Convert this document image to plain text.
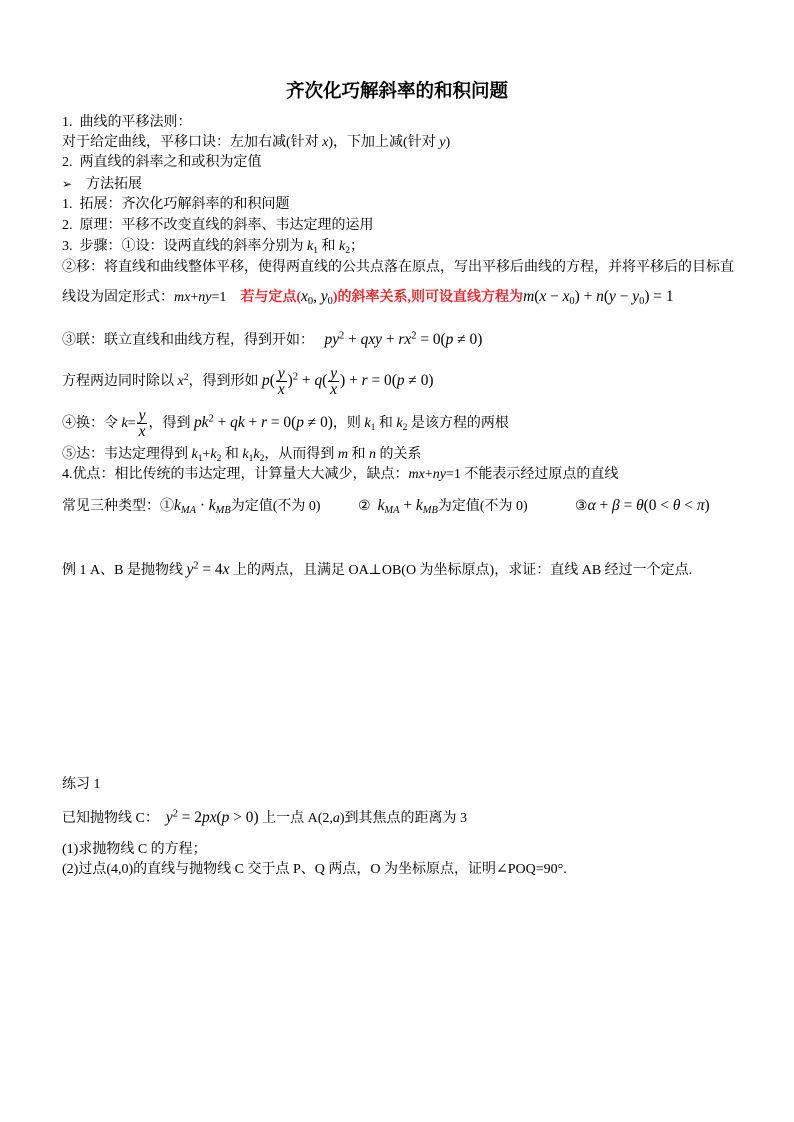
齐次化巧解斜率的和积问题
1.  曲线的平移法则：
对于给定曲线，平移口诀：左加右减(针对 x)，下加上减(针对 y)
2.  两直线的斜率之和或积为定值
➢    方法拓展
1.  拓展：齐次化巧解斜率的和积问题
2.  原理：平移不改变直线的斜率、韦达定理的运用
3.  步骤：①设：设两直线的斜率分别为 $k_1$ 和 $k_2$；
②移：将直线和曲线整体平移，使得两直线的公共点落在原点，写出平移后曲线的方程，并将平移后的目标直
线设为固定形式：mx+ny=1    若与定点($x_0$, $y_0$)的斜率关系,则可设直线方程为$m(x - x_0) + n(y - y_0) = 1$
③联：联立直线和曲线方程，得到开如：   $py^2$ + qxy + $rx^2 = 0(p \ne 0)$
方程两边同时除以 $x^2$，得到形如 $p( \frac{y}{x} )^2 + q( \frac{y}{x}$ ) + r = 0(p ≠ 0)
④换：令 $k= \frac{y}{x}$ ，得到 $pk^2$ + qk + r = 0(p ≠ 0)，则 $k_1$ 和 $k_2$ 是该方程的两根
⑤达：韦达定理得到 $k_1+k_2$ 和 $k_1k_2$，从而得到 m 和 n 的关系
4.优点：相比传统的韦达定理，计算量大大减少，缺点：mx+ny=1 不能表示经过原点的直线
常见三种类型：$①k_{MA} \cdot k_{MB}$为定值(不为 0)	②  $k_{MA} + k_{MB}$为定值(不为 0)	③α + β = θ(0 < θ < π)
例 1 A、B 是抛物线 $y^2 = 4x$ 上的两点，且满足 OA⊥OB(O 为坐标原点)，求证：直线 AB 经过一个定点.
练习 1
已知抛物线 C：  $y^2 = 2px(p > 0)$ 上一点 A(2,a)到其焦点的距离为 3
(1)求抛物线 C 的方程；
(2)过点(4,0)的直线与抛物线 C 交于点 P、Q 两点，O 为坐标原点，证明∠POQ=90°.
